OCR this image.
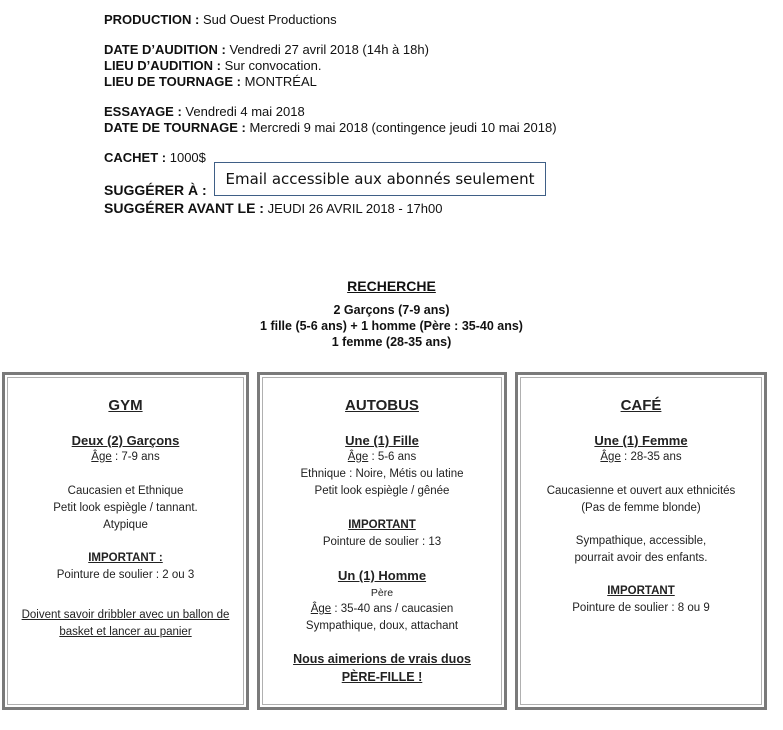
PRODUCTION : Sud Ouest Productions
DATE D’AUDITION : Vendredi 27 avril 2018 (14h à 18h)
LIEU D’AUDITION : Sur convocation.
LIEU DE TOURNAGE : MONTRÉAL
ESSAYAGE : Vendredi 4 mai 2018
DATE DE TOURNAGE : Mercredi 9 mai 2018 (contingence jeudi 10 mai 2018)
CACHET : 1000$
SUGGÉRER À :
SUGGÉRER AVANT LE : JEUDI 26 AVRIL 2018 - 17h00
Email accessible aux abonnés seulement
RECHERCHE
2 Garçons (7-9 ans)
1 fille (5-6 ans) + 1 homme (Père : 35-40 ans)
1 femme (28-35 ans)
GYM
Deux (2) Garçons
Âge : 7-9 ans
Caucasien et Ethnique
Petit look espiègle / tannant.
Atypique
IMPORTANT :
Pointure de soulier : 2 ou 3
Doivent savoir dribbler avec un ballon de
basket et lancer au panier
AUTOBUS
Une (1) Fille
Âge : 5-6 ans
Ethnique : Noire, Métis ou latine
Petit look espiègle / gênée
IMPORTANT
Pointure de soulier : 13
Un (1) Homme
Père
Âge : 35-40 ans / caucasien
Sympathique, doux, attachant
Nous aimerions de vrais duos
PÈRE-FILLE !
CAFÉ
Une (1) Femme
Âge : 28-35 ans
Caucasienne et ouvert aux ethnicités
(Pas de femme blonde)
Sympathique, accessible,
pourrait avoir des enfants.
IMPORTANT
Pointure de soulier : 8 ou 9
